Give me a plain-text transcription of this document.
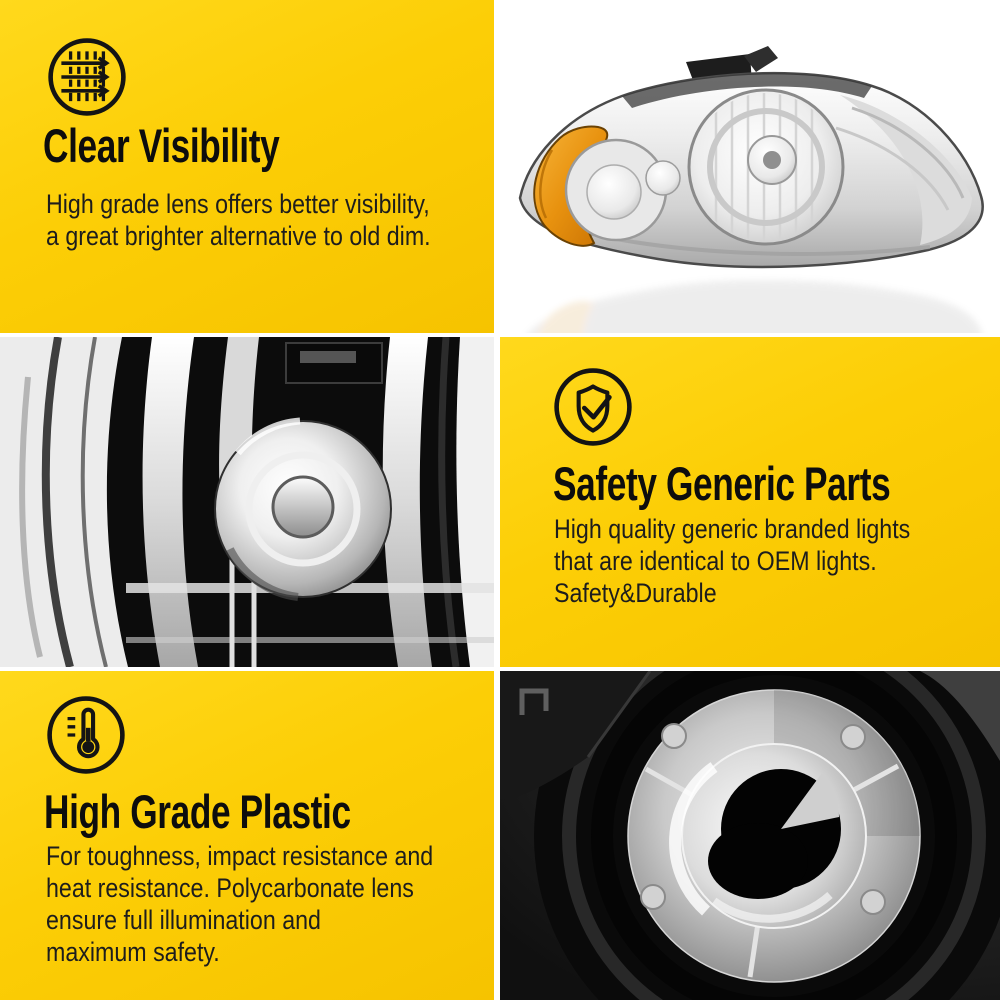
Clear Visibility
High grade lens offers better visibility,
a great brighter alternative to old dim.
Safety Generic Parts
High quality generic branded lights
that are identical to OEM lights.
Safety&Durable
High Grade Plastic
For toughness, impact resistance and
heat resistance. Polycarbonate lens
ensure full illumination and
maximum safety.
